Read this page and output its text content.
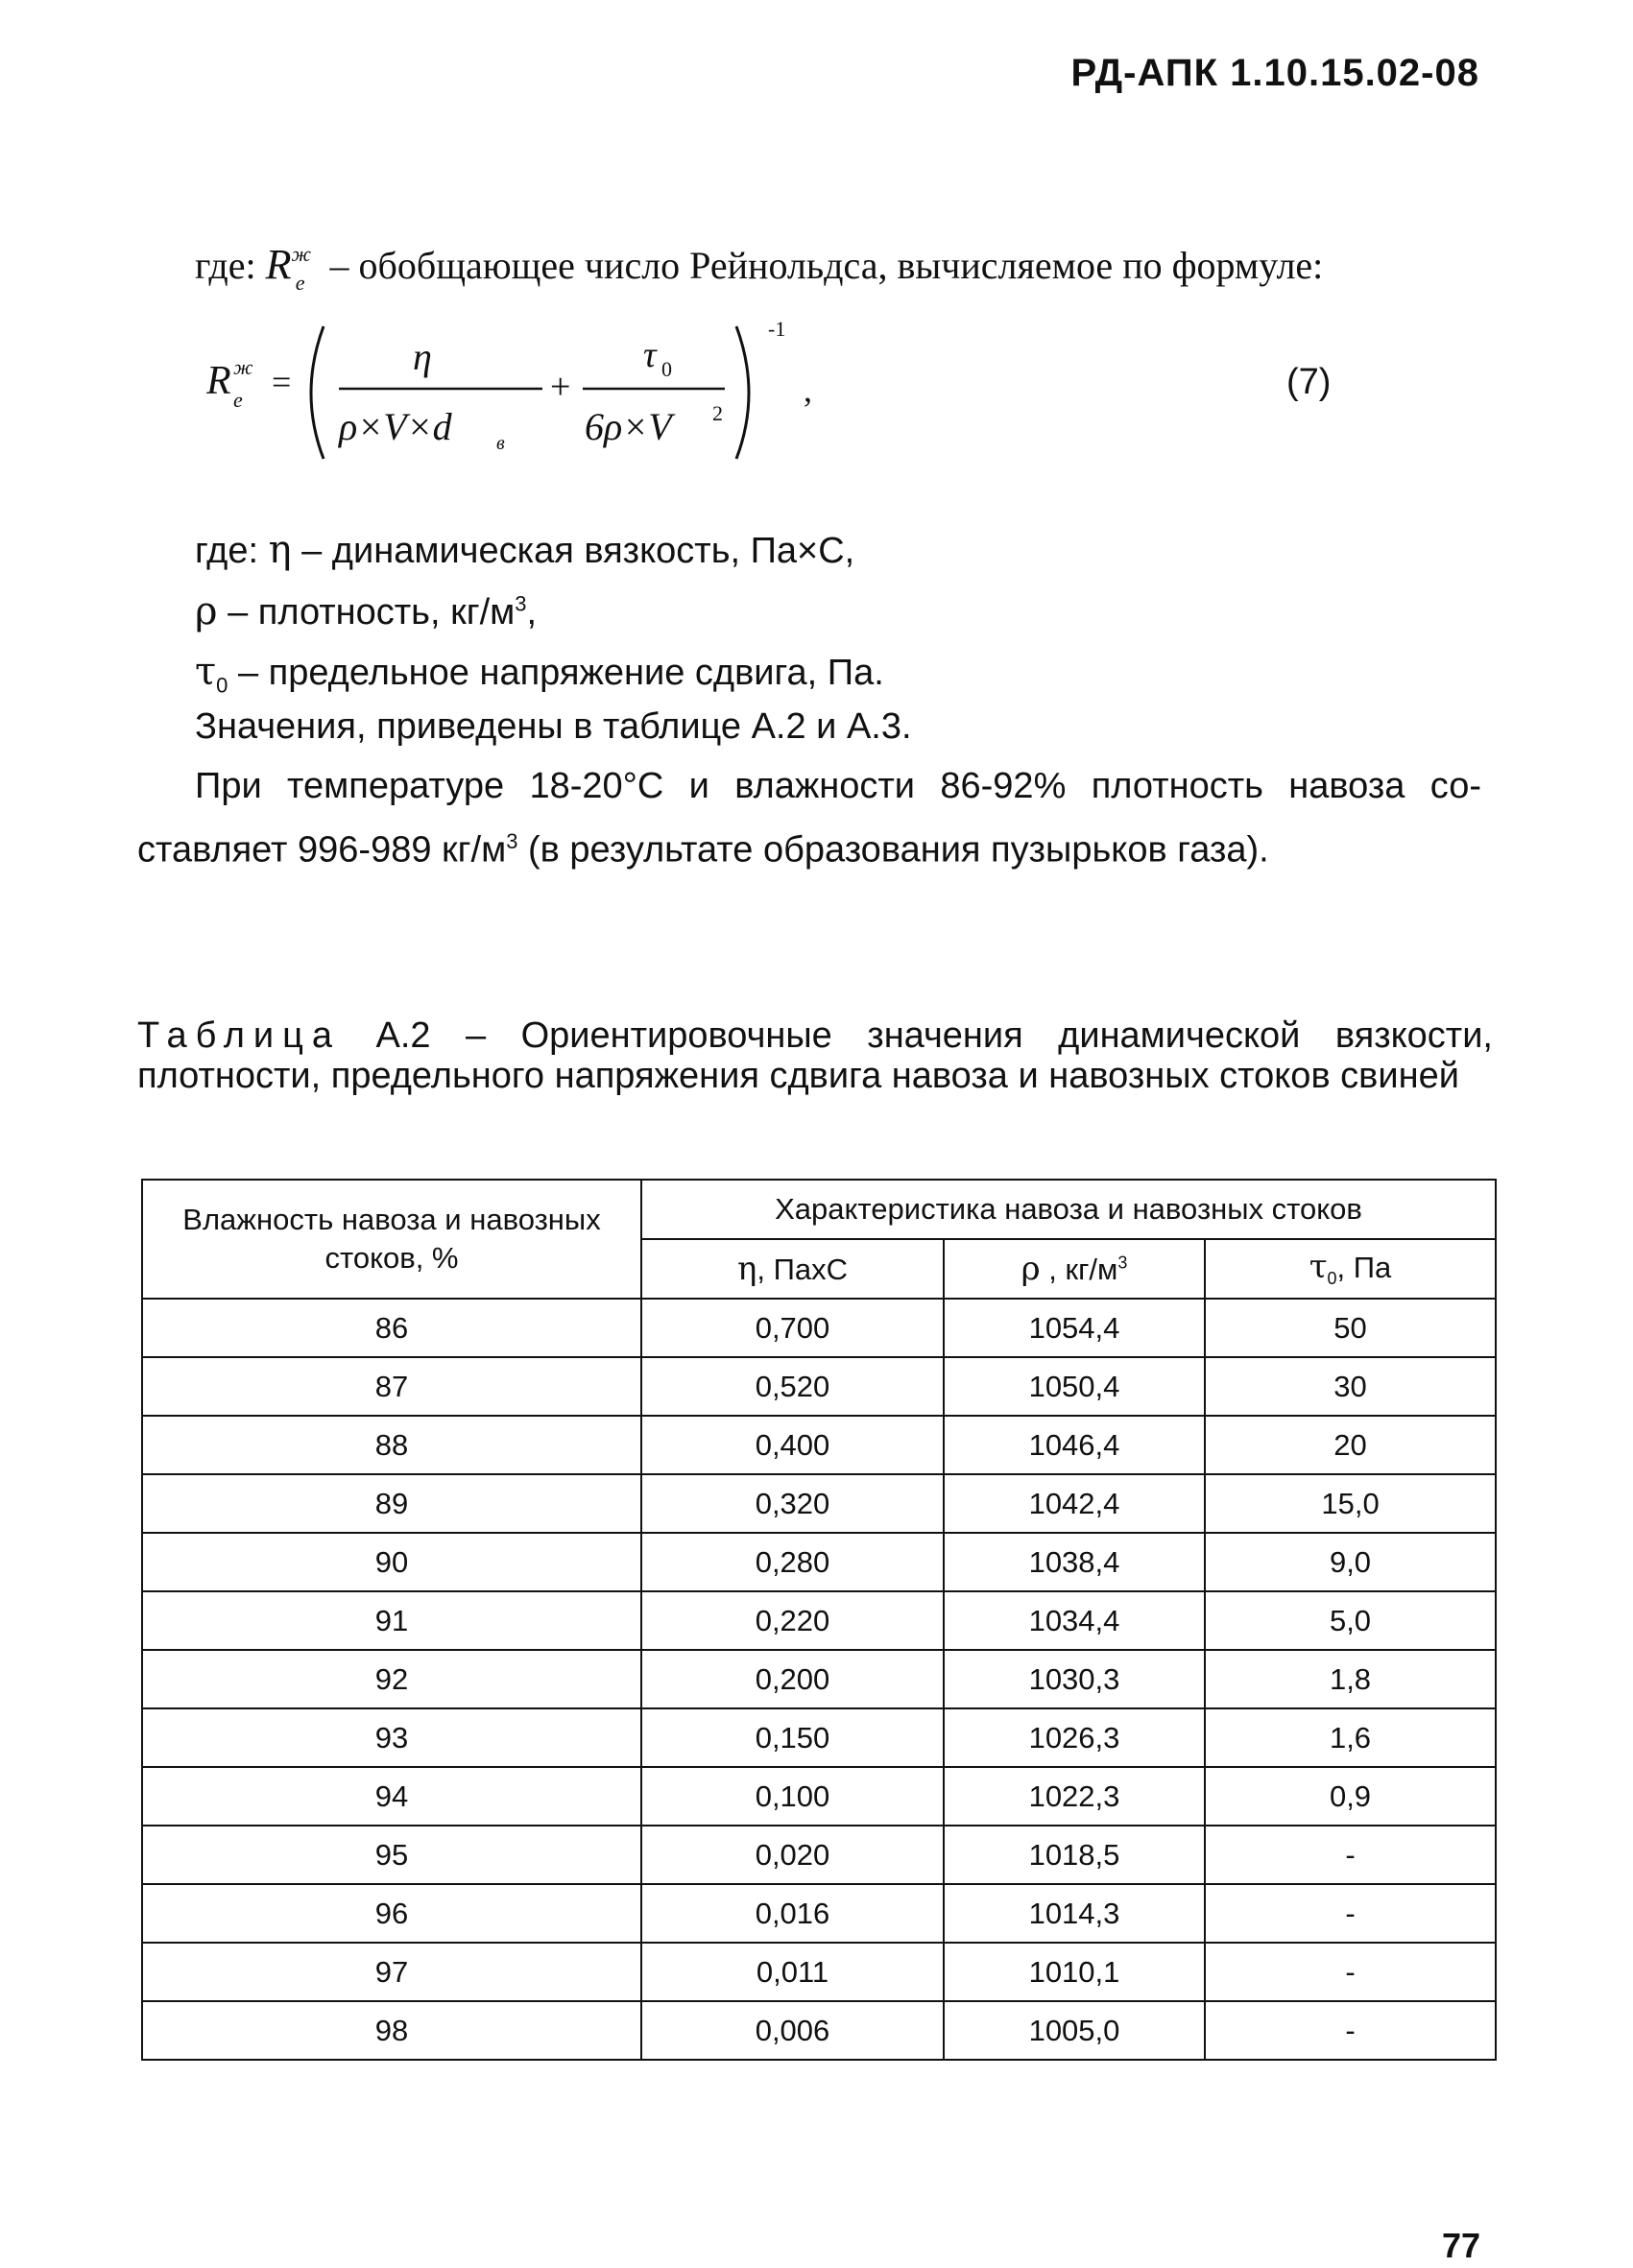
РД-АПК 1.10.15.02-08
где: $R^ж_е$ – обобщающее число Рейнольдса, вычисляемое по формуле:
R ж
е =
η
ρ×V×d в
+
τ 0
6ρ×V 2
-1
,	(7)
где: η – динамическая вязкость, Па×С,
ρ – плотность, $кг/м^3$,
$\tau_0$ – предельное напряжение сдвига, Па.
Значения, приведены в таблице А.2 и А.3.
При температуре 18-20°С и влажности 86-92% плотность навоза со-ставляет 996-989 $кг/м^3$ (в результате образования пузырьков газа).
Таблица А.2 – Ориентировочные значения динамической вязкости, плотности, предельного напряжения сдвига навоза и навозных стоков свиней
Влажность навоза и навозных стоков, %	Характеристика навоза и навозных стоков		
	η, ПахС	ρ , $кг/м^3$	$\tau_0$, Па
86	0,700	1054,4	50
87	0,520	1050,4	30
88	0,400	1046,4	20
89	0,320	1042,4	15,0
90	0,280	1038,4	9,0
91	0,220	1034,4	5,0
92	0,200	1030,3	1,8
93	0,150	1026,3	1,6
94	0,100	1022,3	0,9
95	0,020	1018,5	-
96	0,016	1014,3	-
97	0,011	1010,1	-
98	0,006	1005,0	-
77
